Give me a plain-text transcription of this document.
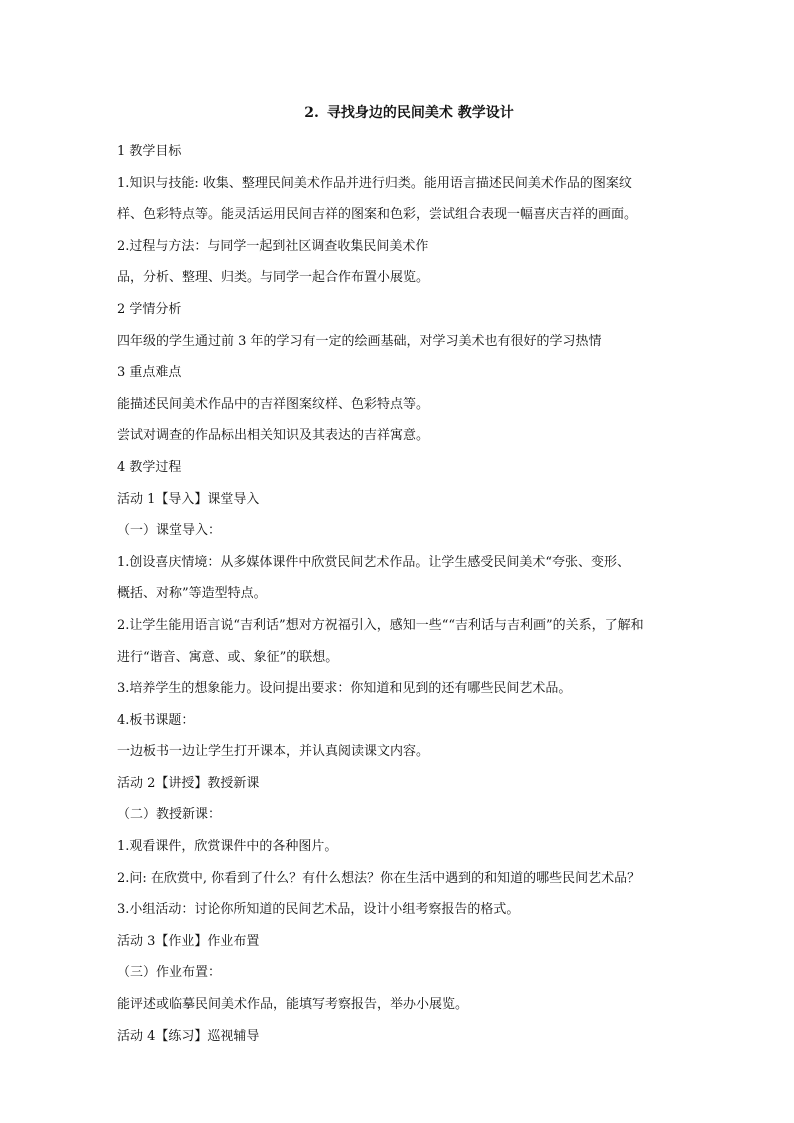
2. 寻找身边的民间美术 教学设计
1 教学目标
1.知识与技能: 收集、整理民间美术作品并进行归类。能用语言描述民间美术作品的图案纹
样、色彩特点等。能灵活运用民间吉祥的图案和色彩，尝试组合表现一幅喜庆吉祥的画面。
2.过程与方法：与同学一起到社区调查收集民间美术作
品，分析、整理、归类。与同学一起合作布置小展览。
2 学情分析
四年级的学生通过前 3 年的学习有一定的绘画基础，对学习美术也有很好的学习热情
3 重点难点
能描述民间美术作品中的吉祥图案纹样、色彩特点等。
尝试对调查的作品标出相关知识及其表达的吉祥寓意。
4 教学过程
活动 1【导入】课堂导入
（一）课堂导入：
1.创设喜庆情境：从多媒体课件中欣赏民间艺术作品。让学生感受民间美术“夸张、变形、
概括、对称”等造型特点。
2.让学生能用语言说“吉利话”想对方祝福引入，感知一些““吉利话与吉利画”的关系，了解和
进行“谐音、寓意、或、象征”的联想。
3.培养学生的想象能力。设问提出要求：你知道和见到的还有哪些民间艺术品。
4.板书课题：
一边板书一边让学生打开课本，并认真阅读课文内容。
活动 2【讲授】教授新课
（二）教授新课：
1.观看课件，欣赏课件中的各种图片。
2.问: 在欣赏中, 你看到了什么？有什么想法？你在生活中遇到的和知道的哪些民间艺术品？
3.小组活动：讨论你所知道的民间艺术品，设计小组考察报告的格式。
活动 3【作业】作业布置
（三）作业布置：
能评述或临摹民间美术作品，能填写考察报告，举办小展览。
活动 4【练习】巡视辅导
